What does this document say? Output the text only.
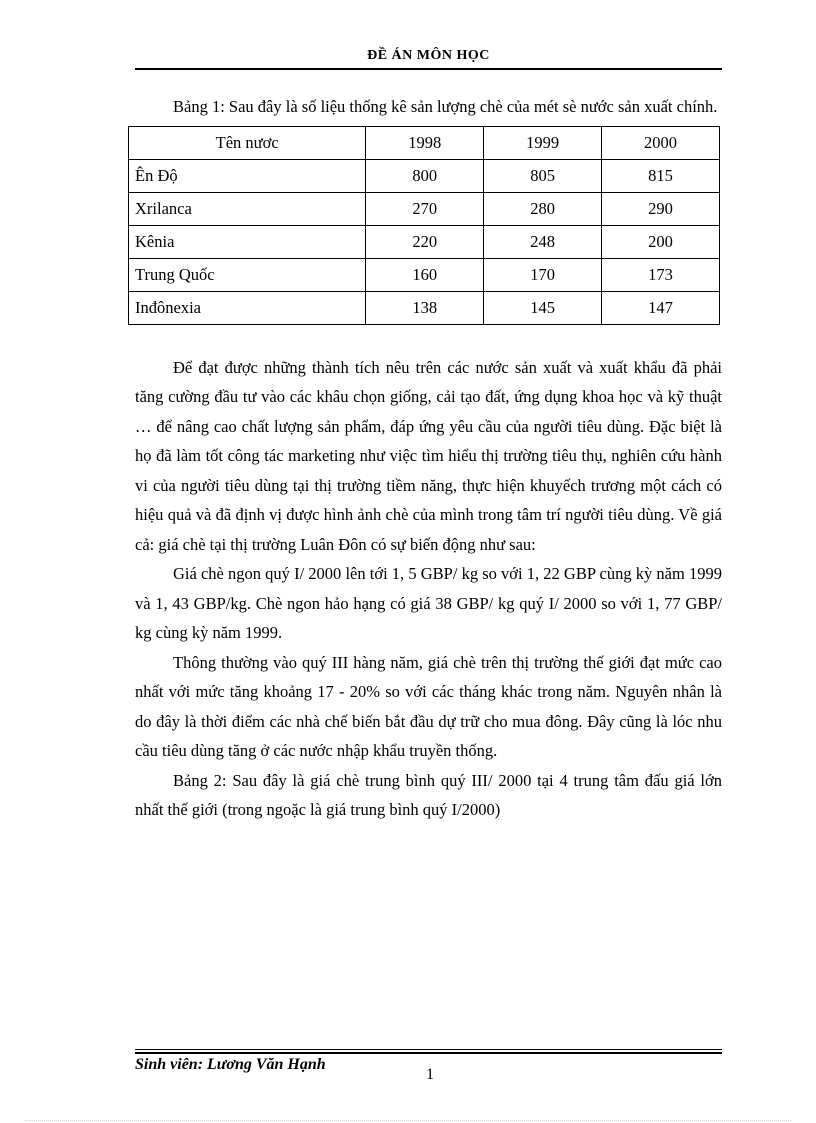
ĐỀ ÁN MÔN HỌC

Bảng 1: Sau đây là số liệu thống kê sản lượng chè của mét sè nước sản xuất chính.

Tên nươc	1998	1999	2000
Ên Độ	800	805	815
Xrilanca	270	280	290
Kênia	220	248	200
Trung Quốc	160	170	173
Inđônexia	138	145	147

Để đạt được những thành tích nêu trên các nước sản xuất và xuất khẩu đã phải tăng cường đầu tư vào các khâu chọn giống, cải tạo đất, ứng dụng khoa học và kỹ thuật … để nâng cao chất lượng sản phẩm, đáp ứng yêu cầu của người tiêu dùng. Đặc biệt là họ đã làm tốt công tác marketing như việc tìm hiểu thị trường tiêu thụ, nghiên cứu hành vi của người tiêu dùng tại thị trường tiềm năng, thực hiện khuyếch trương một cách có hiệu quả và đã định vị được hình ảnh chè của mình trong tâm trí người tiêu dùng. Về giá cả: giá chè tại thị trường Luân Đôn có sự biến động như sau:

Giá chè ngon quý I/ 2000 lên tới 1, 5 GBP/ kg so với 1, 22 GBP cùng kỳ năm 1999 và 1, 43 GBP/kg. Chè ngon hảo hạng có giá 38 GBP/ kg quý I/ 2000 so với 1, 77 GBP/ kg cùng kỳ năm 1999.

Thông thường vào quý III hàng năm, giá chè trên thị trường thế giới đạt mức cao nhất với mức tăng khoảng 17 - 20% so với các tháng khác trong năm. Nguyên nhân là do đây là thời điểm các nhà chế biến bắt đầu dự trữ cho mua đông. Đây cũng là lóc nhu cầu tiêu dùng tăng ở các nước nhập khẩu truyền thống.

Bảng 2: Sau đây là giá chè trung bình quý III/ 2000 tại 4 trung tâm đấu giá lớn nhất thế giới (trong ngoặc là giá trung bình quý I/2000)

Sinh viên: Lương Văn Hạnh
1
